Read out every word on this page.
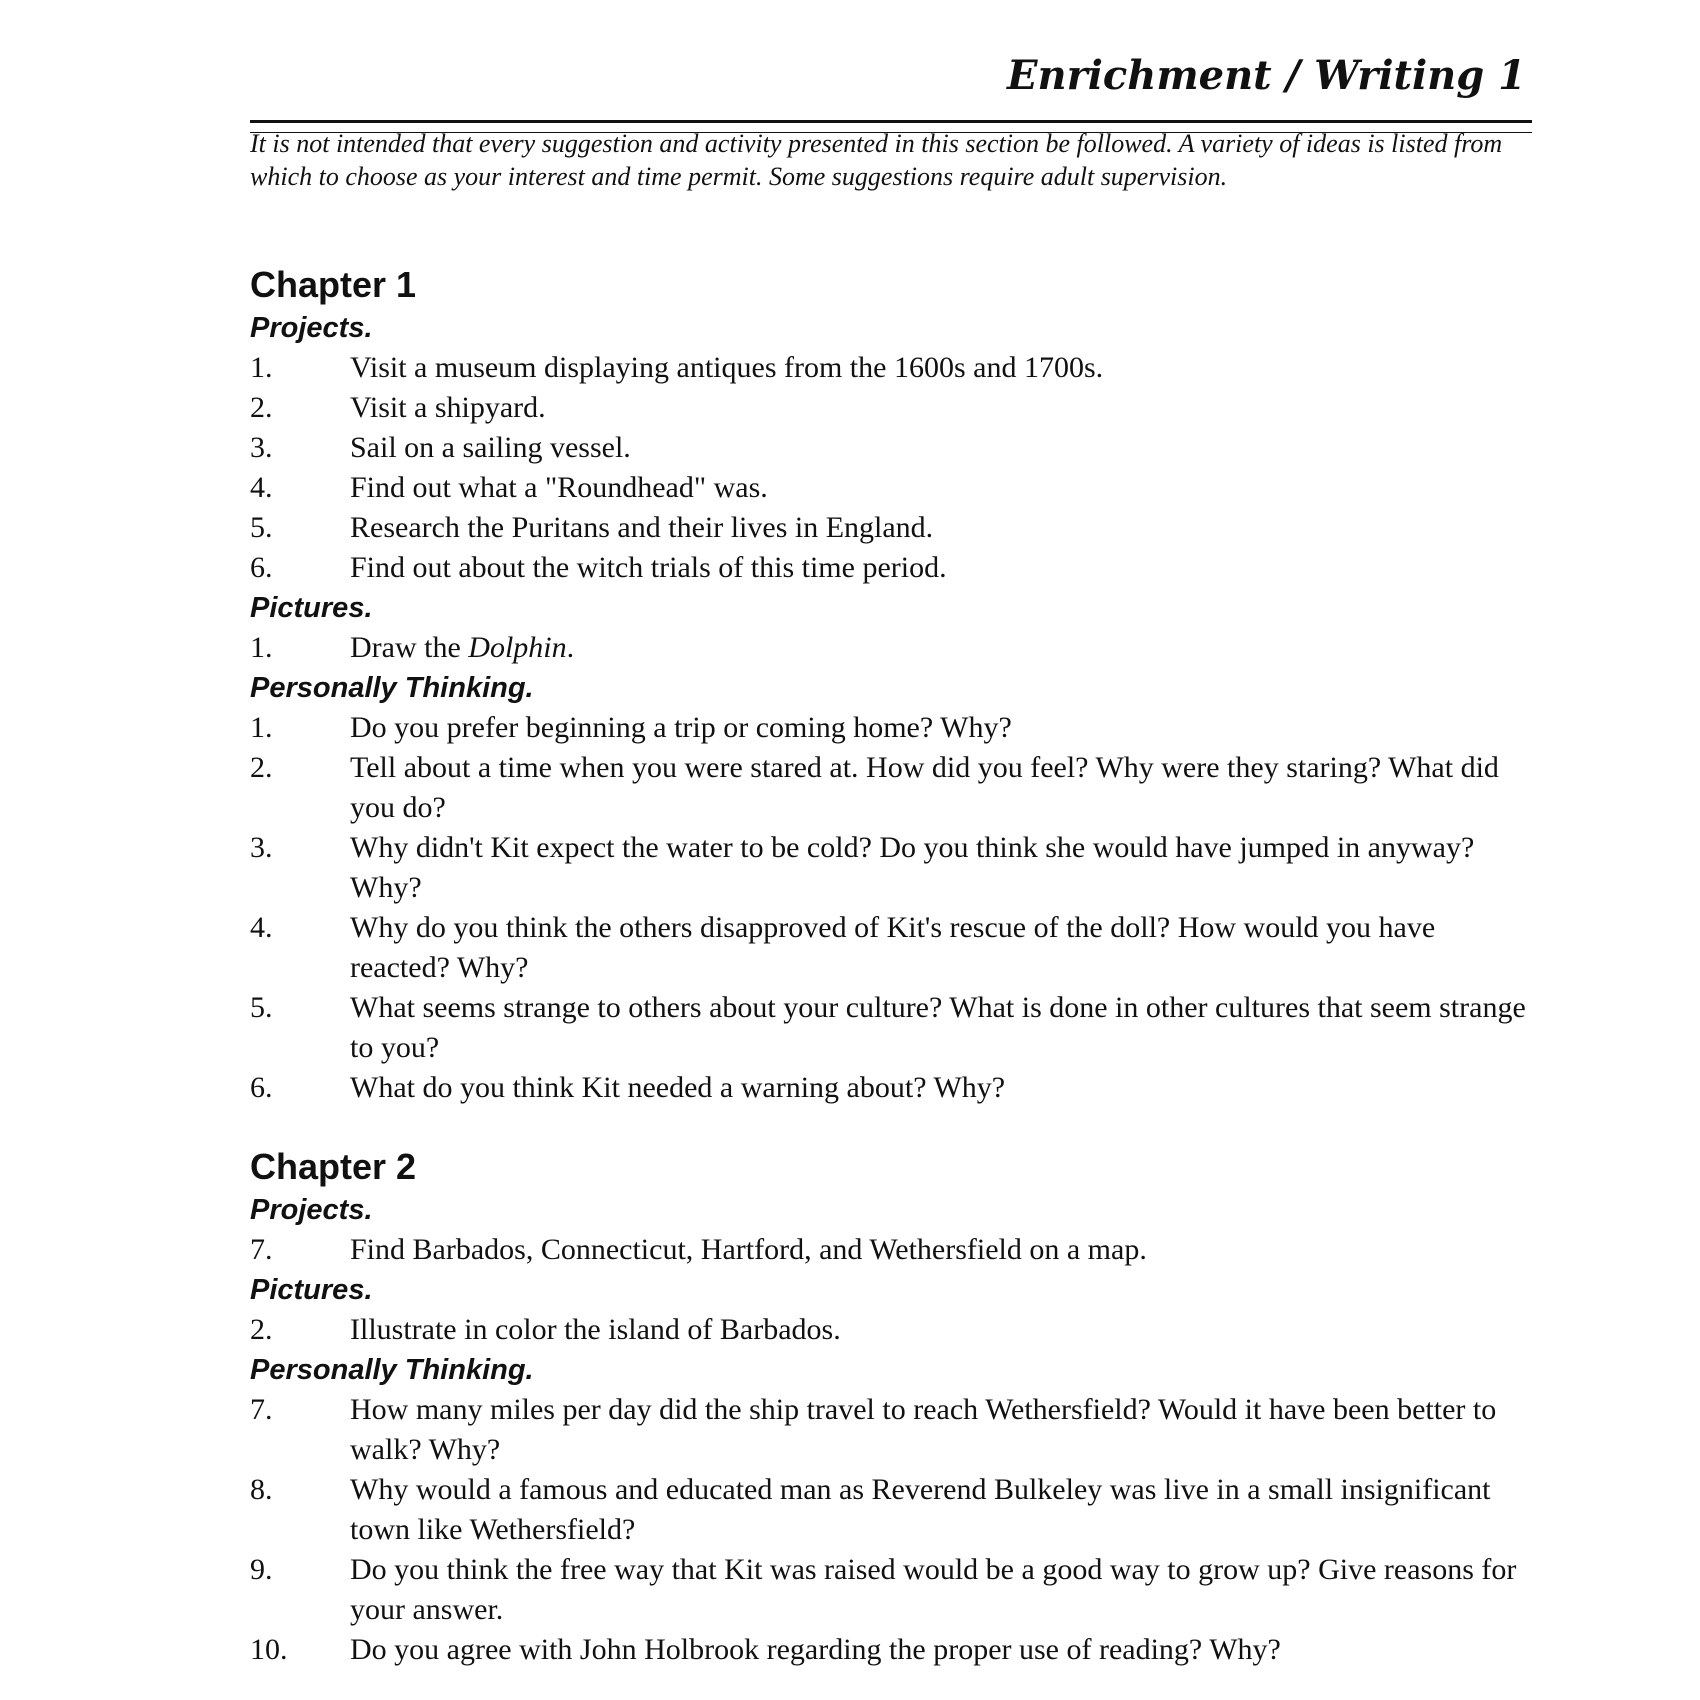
Enrichment / Writing 1

It is not intended that every suggestion and activity presented in this section be followed. A variety of ideas is listed from which to choose as your interest and time permit. Some suggestions require adult supervision.

Chapter 1
Projects.
1.	Visit a museum displaying antiques from the 1600s and 1700s.
2.	Visit a shipyard.
3.	Sail on a sailing vessel.
4.	Find out what a "Roundhead" was.
5.	Research the Puritans and their lives in England.
6.	Find out about the witch trials of this time period.
Pictures.
1.	Draw the Dolphin.
Personally Thinking.
1.	Do you prefer beginning a trip or coming home? Why?
2.	Tell about a time when you were stared at. How did you feel? Why were they staring? What did you do?
3.	Why didn't Kit expect the water to be cold? Do you think she would have jumped in anyway? Why?
4.	Why do you think the others disapproved of Kit's rescue of the doll? How would you have reacted? Why?
5.	What seems strange to others about your culture? What is done in other cultures that seem strange to you?
6.	What do you think Kit needed a warning about? Why?
Chapter 2
Projects.
7.	Find Barbados, Connecticut, Hartford, and Wethersfield on a map.
Pictures.
2.	Illustrate in color the island of Barbados.
Personally Thinking.
7.	How many miles per day did the ship travel to reach Wethersfield? Would it have been better to walk? Why?
8.	Why would a famous and educated man as Reverend Bulkeley was live in a small insignificant town like Wethersfield?
9.	Do you think the free way that Kit was raised would be a good way to grow up? Give reasons for your answer.
10.	Do you agree with John Holbrook regarding the proper use of reading? Why?
